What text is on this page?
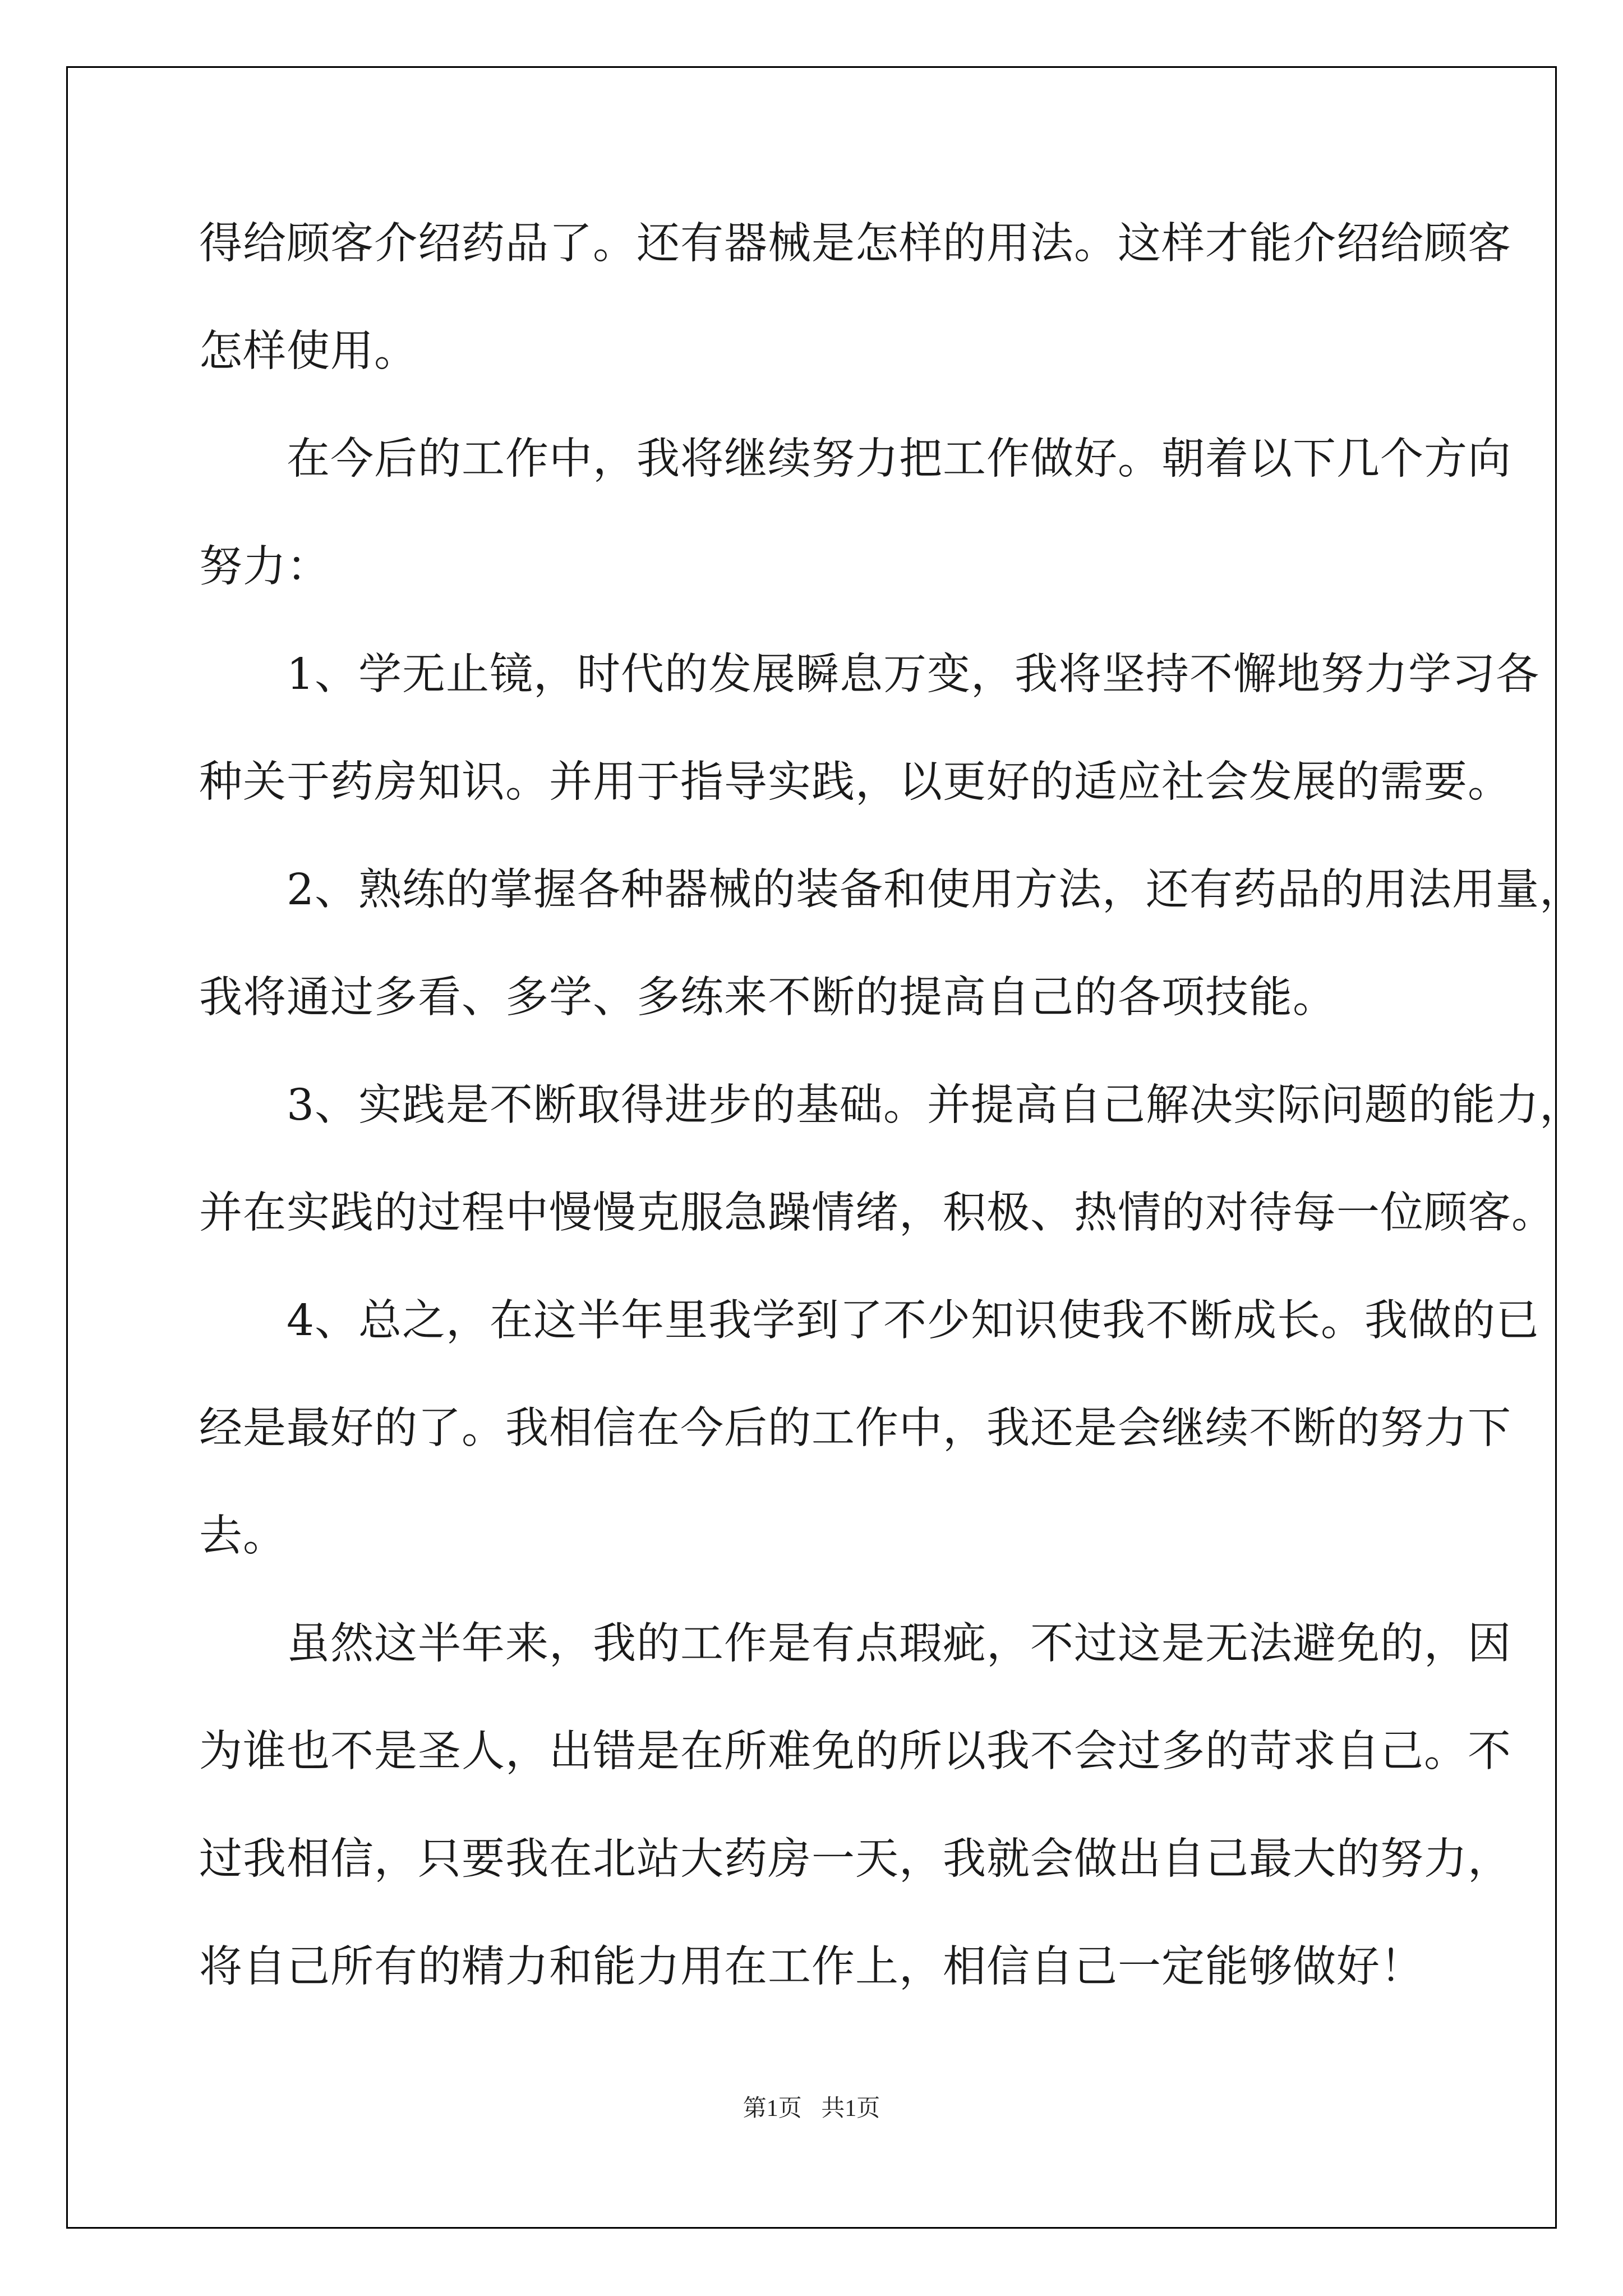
得给顾客介绍药品了。还有器械是怎样的用法。这样才能介绍给顾客
怎样使用。
　　在今后的工作中，我将继续努力把工作做好。朝着以下几个方向
努力：
　　1、学无止镜，时代的发展瞬息万变，我将坚持不懈地努力学习各
种关于药房知识。并用于指导实践，以更好的适应社会发展的需要。
　　2、熟练的掌握各种器械的装备和使用方法，还有药品的用法用量，
我将通过多看、多学、多练来不断的提高自己的各项技能。
　　3、实践是不断取得进步的基础。并提高自己解决实际问题的能力，
并在实践的过程中慢慢克服急躁情绪，积极、热情的对待每一位顾客。
　　4、总之，在这半年里我学到了不少知识使我不断成长。我做的已
经是最好的了。我相信在今后的工作中，我还是会继续不断的努力下
去。
　　虽然这半年来，我的工作是有点瑕疵，不过这是无法避免的，因
为谁也不是圣人，出错是在所难免的所以我不会过多的苛求自己。不
过我相信，只要我在北站大药房一天，我就会做出自己最大的努力，
将自己所有的精力和能力用在工作上，相信自己一定能够做好！
第1页 共1页
